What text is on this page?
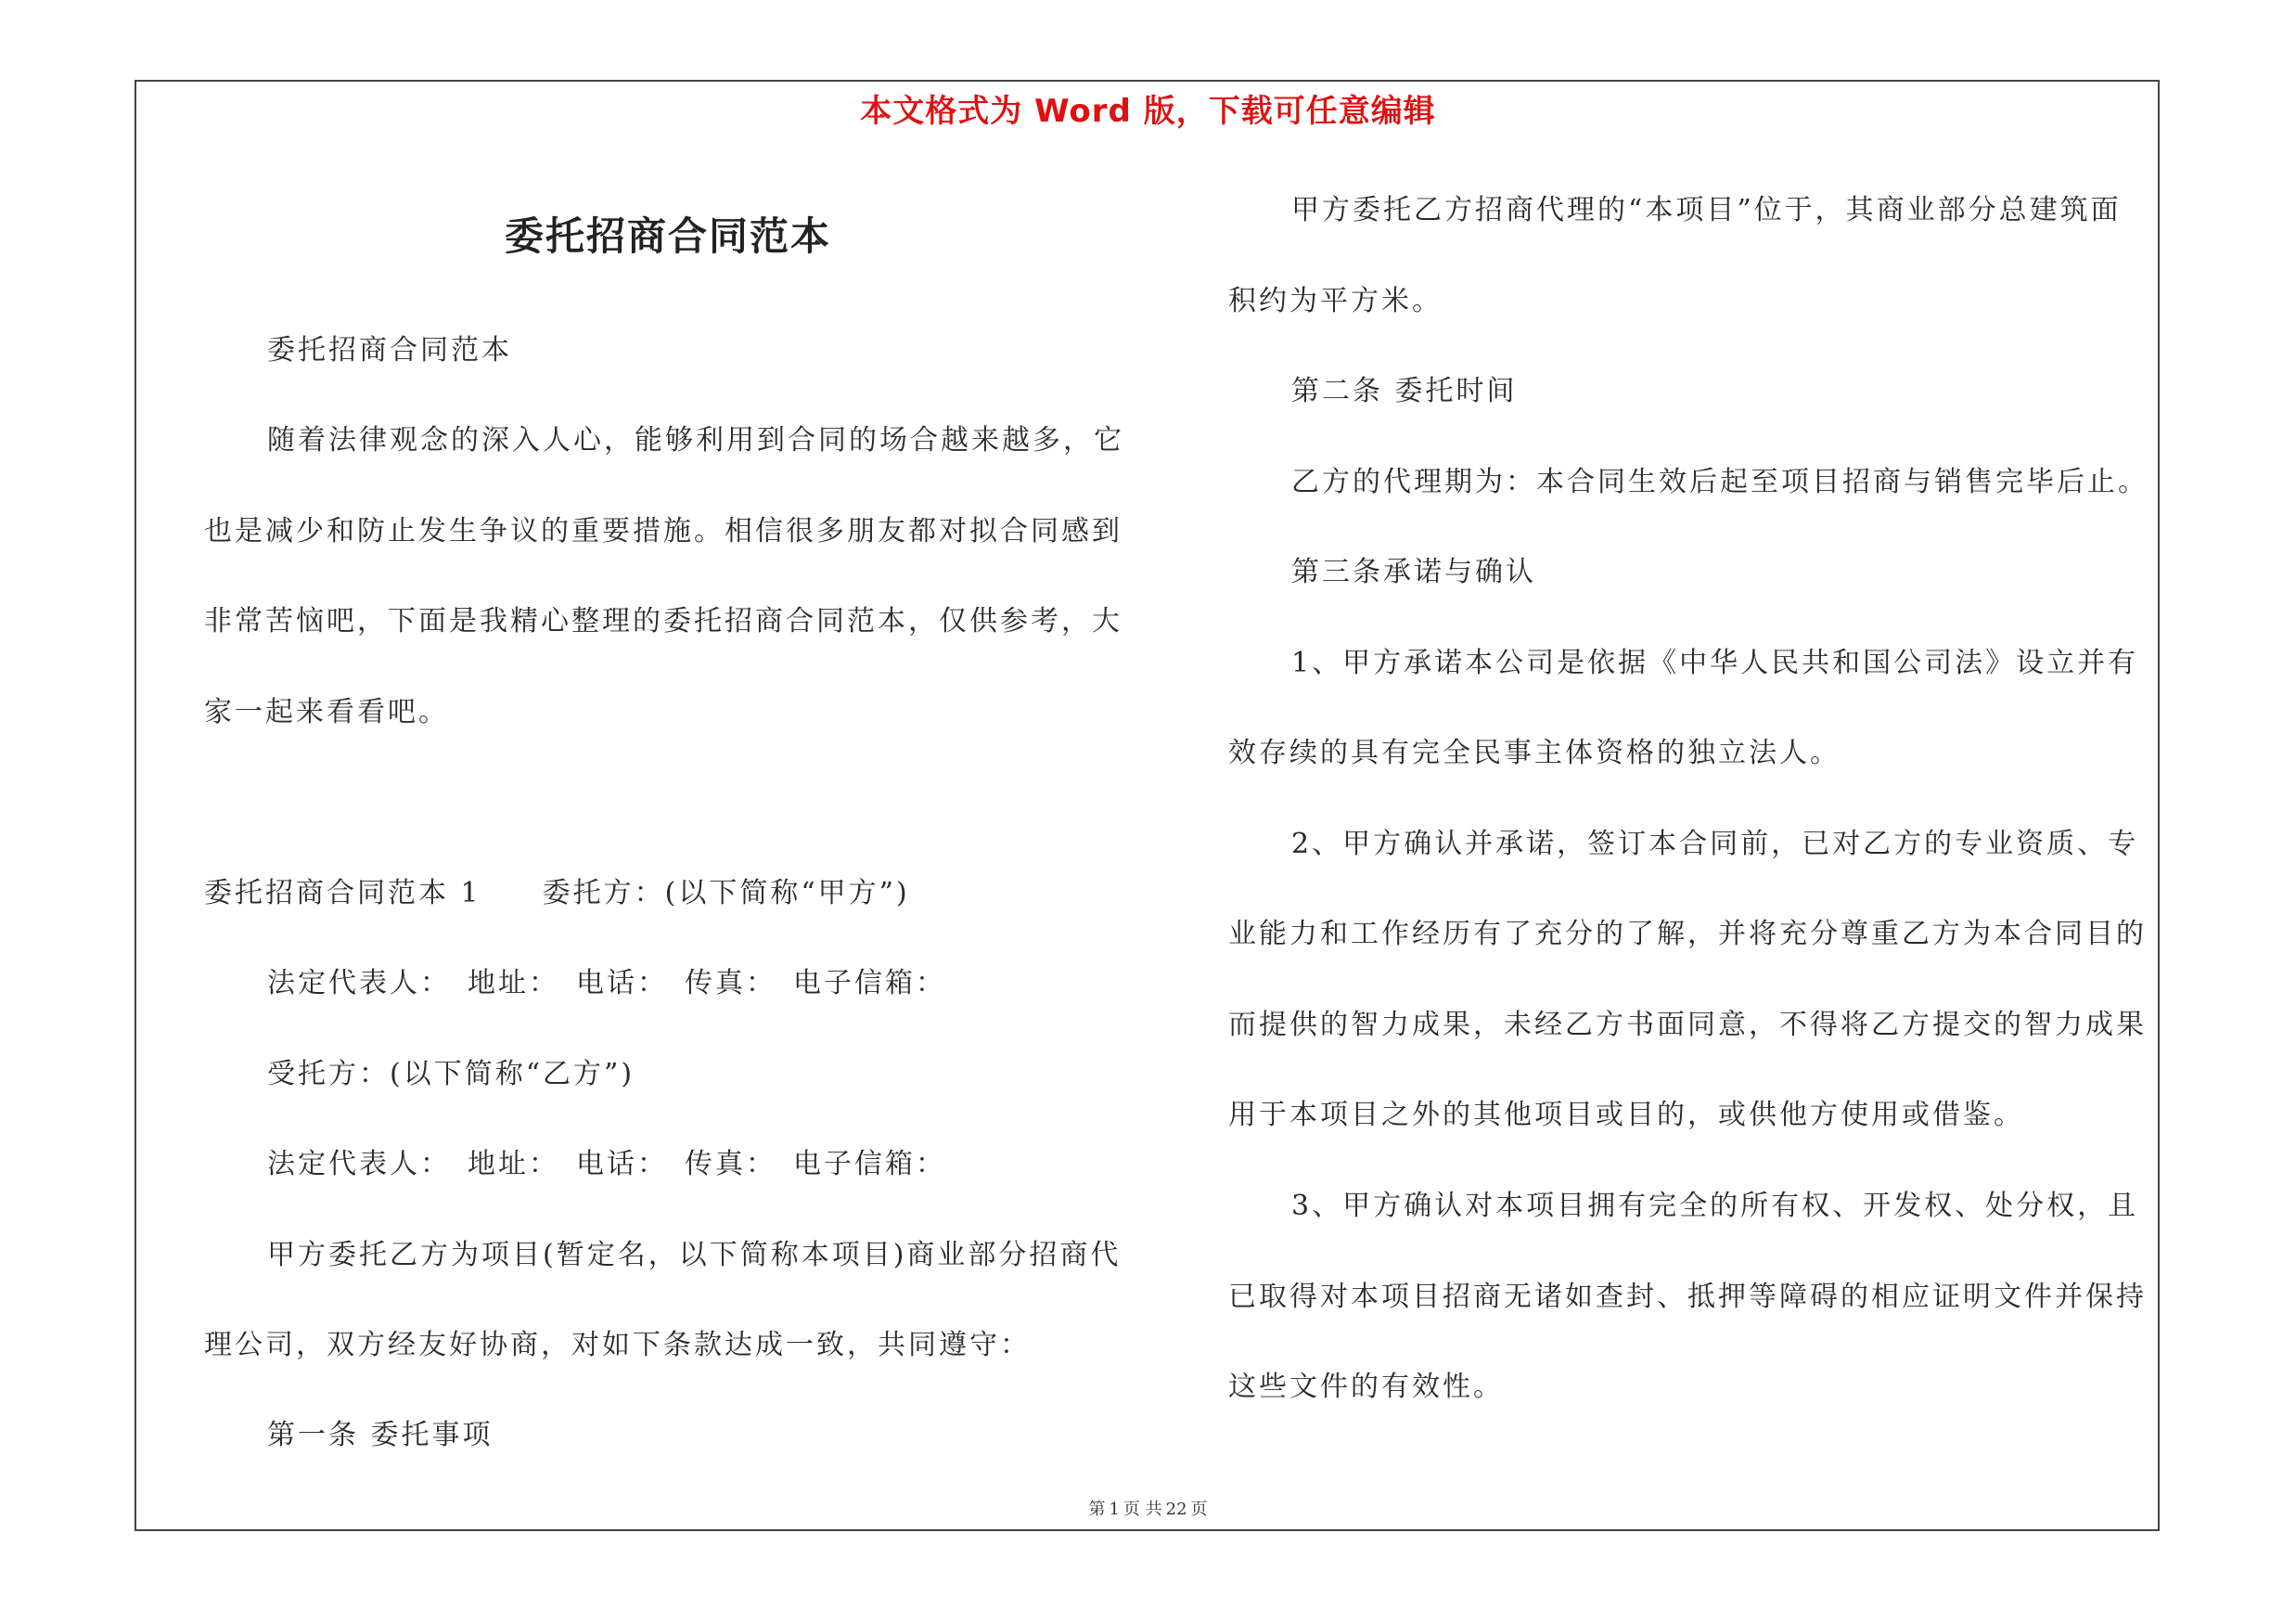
本文格式为 Word 版，下载可任意编辑
委托招商合同范本
委托招商合同范本
随着法律观念的深入人心，能够利用到合同的场合越来越多，它
也是减少和防止发生争议的重要措施。相信很多朋友都对拟合同感到
非常苦恼吧，下面是我精心整理的委托招商合同范本，仅供参考，大
家一起来看看吧。
委托招商合同范本 1　　委托方：(以下简称“甲方”)
法定代表人：　地址：　电话：　传真：　电子信箱：
受托方：(以下简称“乙方”)
法定代表人：　地址：　电话：　传真：　电子信箱：
甲方委托乙方为项目(暂定名，以下简称本项目)商业部分招商代
理公司，双方经友好协商，对如下条款达成一致，共同遵守：
第一条 委托事项
甲方委托乙方招商代理的“本项目”位于，其商业部分总建筑面
积约为平方米。
第二条 委托时间
乙方的代理期为：本合同生效后起至项目招商与销售完毕后止。
第三条承诺与确认
1、甲方承诺本公司是依据《中华人民共和国公司法》设立并有
效存续的具有完全民事主体资格的独立法人。
2、甲方确认并承诺，签订本合同前，已对乙方的专业资质、专
业能力和工作经历有了充分的了解，并将充分尊重乙方为本合同目的
而提供的智力成果，未经乙方书面同意，不得将乙方提交的智力成果
用于本项目之外的其他项目或目的，或供他方使用或借鉴。
3、甲方确认对本项目拥有完全的所有权、开发权、处分权，且
已取得对本项目招商无诸如查封、抵押等障碍的相应证明文件并保持
这些文件的有效性。
第 1 页 共 22 页
